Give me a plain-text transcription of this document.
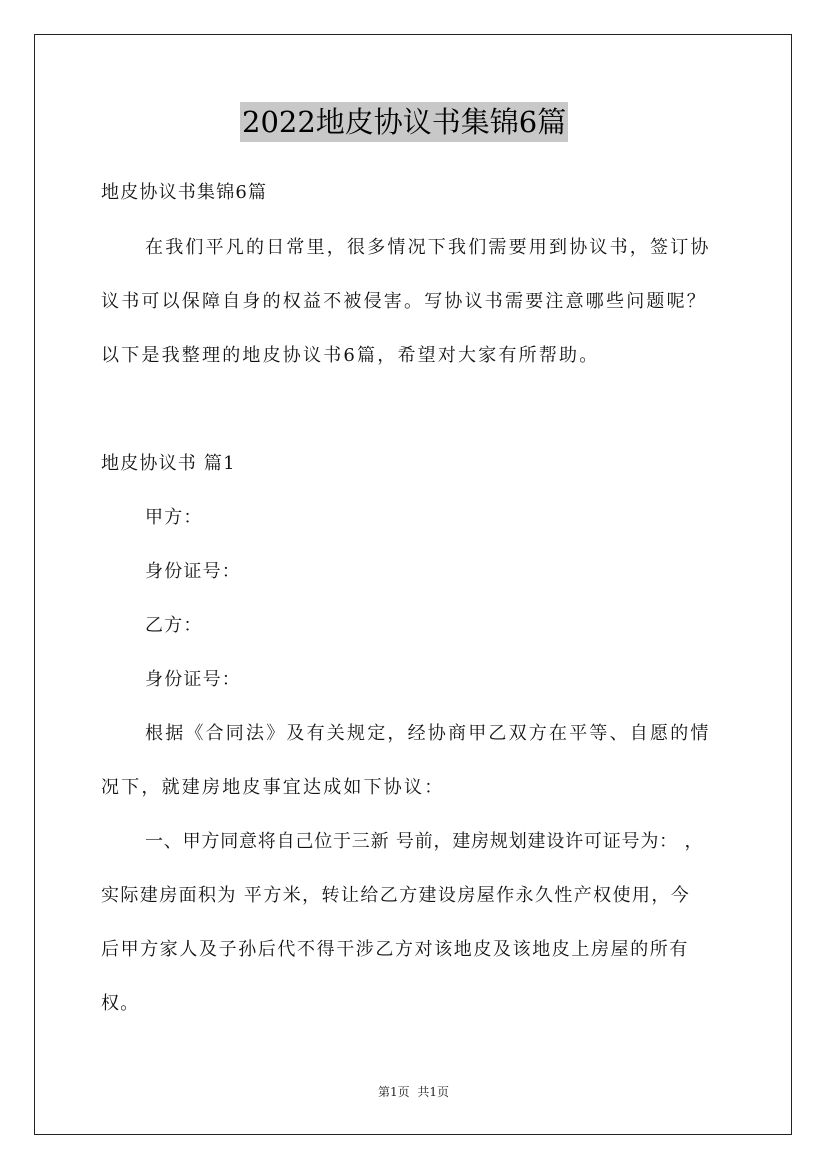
2022地皮协议书集锦6篇
地皮协议书集锦6篇
在我们平凡的日常里，很多情况下我们需要用到协议书，签订协
议书可以保障自身的权益不被侵害。写协议书需要注意哪些问题呢？
以下是我整理的地皮协议书6篇，希望对大家有所帮助。
地皮协议书 篇1
甲方：
身份证号：
乙方：
身份证号：
根据《合同法》及有关规定，经协商甲乙双方在平等、自愿的情
况下，就建房地皮事宜达成如下协议：
一、甲方同意将自己位于三新 号前，建房规划建设许可证号为： ，
实际建房面积为 平方米，转让给乙方建设房屋作永久性产权使用，今
后甲方家人及子孙后代不得干涉乙方对该地皮及该地皮上房屋的所有
权。
第1页 共1页
